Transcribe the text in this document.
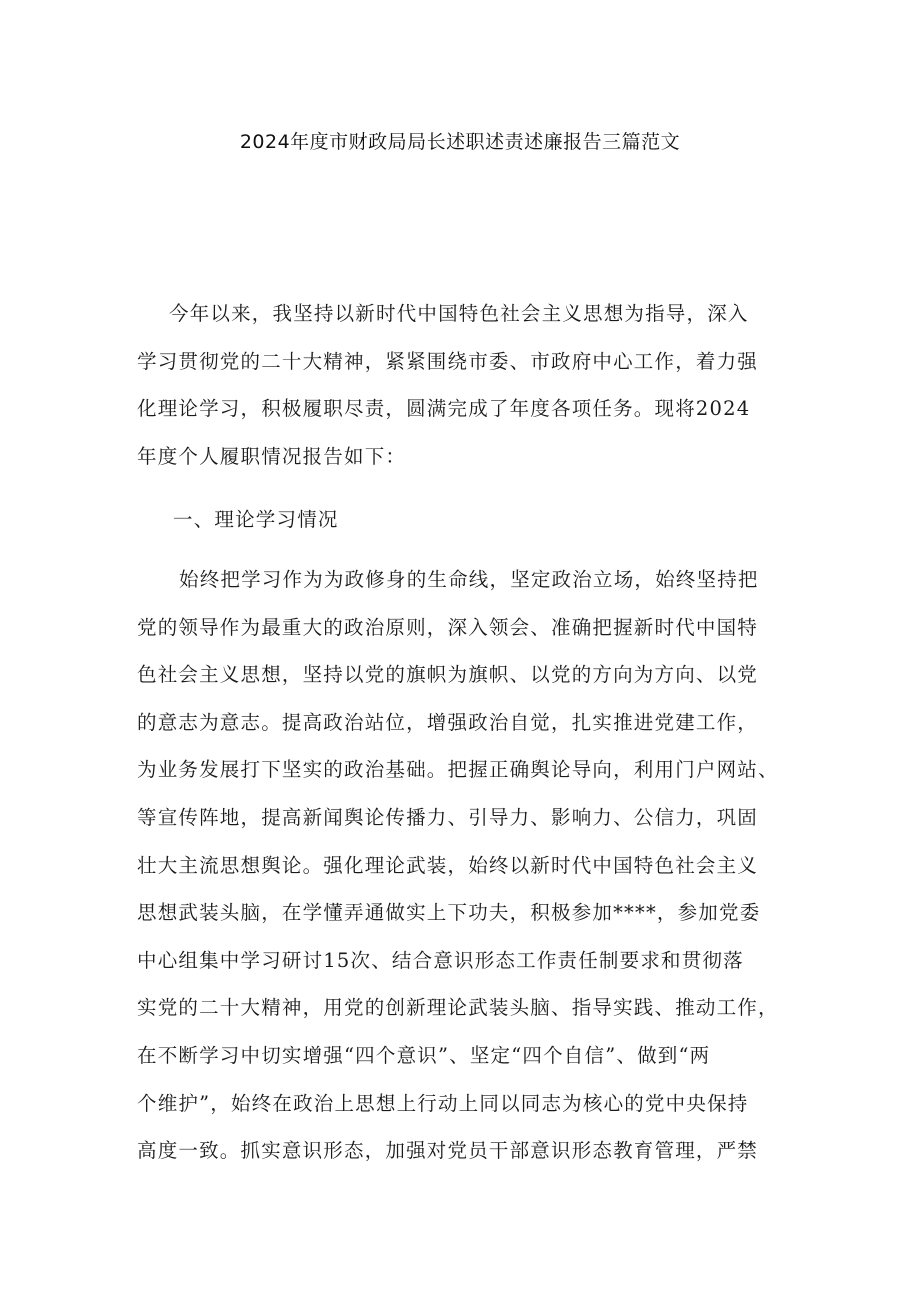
2024年度市财政局局长述职述责述廉报告三篇范文
今年以来，我坚持以新时代中国特色社会主义思想为指导，深入
学习贯彻党的二十大精神，紧紧围绕市委、市政府中心工作，着力强
化理论学习，积极履职尽责，圆满完成了年度各项任务。现将2024
年度个人履职情况报告如下：
一、理论学习情况
始终把学习作为为政修身的生命线，坚定政治立场，始终坚持把
党的领导作为最重大的政治原则，深入领会、准确把握新时代中国特
色社会主义思想，坚持以党的旗帜为旗帜、以党的方向为方向、以党
的意志为意志。提高政治站位，增强政治自觉，扎实推进党建工作，
为业务发展打下坚实的政治基础。把握正确舆论导向，利用门户网站、
等宣传阵地，提高新闻舆论传播力、引导力、影响力、公信力，巩固
壮大主流思想舆论。强化理论武装，始终以新时代中国特色社会主义
思想武装头脑，在学懂弄通做实上下功夫，积极参加****，参加党委
中心组集中学习研讨15次、结合意识形态工作责任制要求和贯彻落
实党的二十大精神，用党的创新理论武装头脑、指导实践、推动工作，
在不断学习中切实增强“四个意识”、坚定“四个自信”、做到“两
个维护”，始终在政治上思想上行动上同以同志为核心的党中央保持
高度一致。抓实意识形态，加强对党员干部意识形态教育管理，严禁
